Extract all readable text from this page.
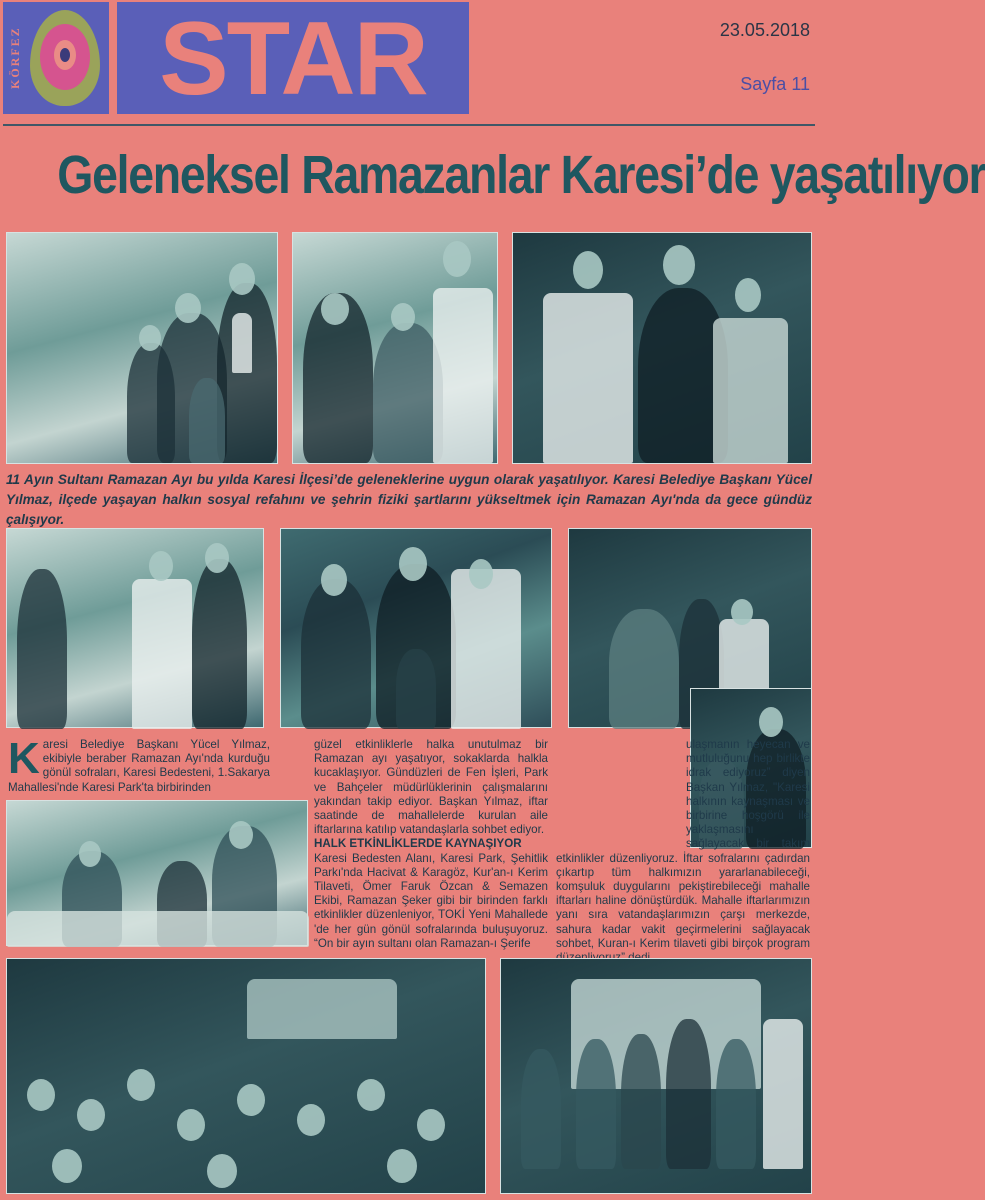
KÖRFEZ	STAR	23.05.2018
Sayfa 11
Geleneksel Ramazanlar Karesi’de yaşatılıyor
11 Ayın Sultanı Ramazan Ayı bu yılda Karesi İlçesi’de geleneklerine uygun olarak yaşatılıyor. Karesi Belediye Başkanı Yücel Yılmaz, ilçede yaşayan halkın sosyal refahını ve şehrin fiziki şartlarını yükseltmek için Ramazan Ayı'nda da gece gündüz çalışıyor.
Karesi Belediye Başkanı Yücel Yılmaz, ekibiyle beraber Ramazan Ayı'nda kurduğu gönül sofraları, Karesi Bedesteni, 1.Sakarya Mahallesi'nde Karesi Park'ta birbirinden

güzel etkinliklerle halka unutulmaz bir Ramazan ayı yaşatıyor, sokaklarda halkla kucaklaşıyor. Gündüzleri de Fen İşleri, Park ve Bahçeler müdürlüklerinin çalışmalarını yakından takip ediyor. Başkan Yılmaz, iftar saatinde de mahallelerde kurulan aile iftarlarına katılıp vatandaşlarla sohbet ediyor.

HALK ETKİNLİKLERDE KAYNAŞIYOR

Karesi Bedesten Alanı, Karesi Park, Şehitlik Parkı'nda Hacivat & Karagöz, Kur'an-ı Kerim Tilaveti, Ömer Faruk Özcan & Semazen Ekibi, Ramazan Şeker gibi bir birinden farklı etkinlikler düzenleniyor, TOKİ Yeni Mahallede 'de her gün gönül sofralarında buluşuyoruz. “On bir ayın sultanı olan Ramazan-ı Şerife

ulaşmanın heyecan ve mutluluğunu hep birlikte idrak ediyoruz” diyen Başkan Yılmaz, "Karesi halkının kaynaşması ve birbirine hoşgörü ile yaklaşmasını sağlayacak bir takım etkinlikler düzenliyoruz. İftar sofralarını çadırdan çıkartıp tüm halkımızın yararlanabileceği, komşuluk duygularını pekiştirebileceği mahalle iftarları haline dönüştürdük. Mahalle iftarlarımızın yanı sıra vatandaşlarımızın çarşı merkezde, sahura kadar vakit geçirmelerini sağlayacak sohbet, Kuran-ı Kerim tilaveti gibi birçok program
